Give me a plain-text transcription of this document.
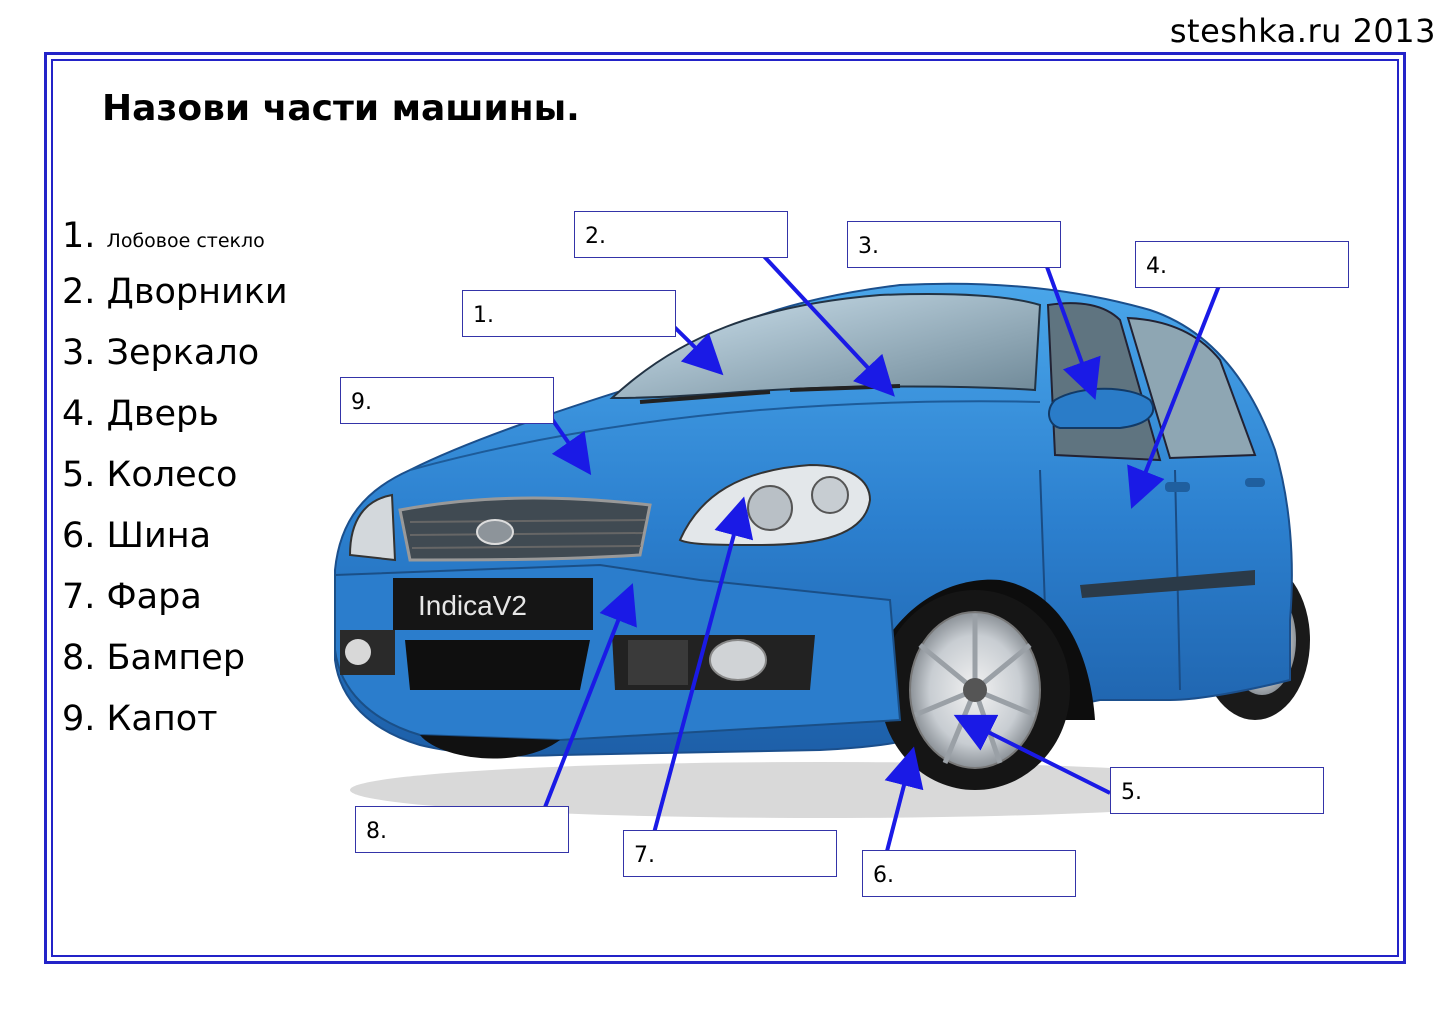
steshka.ru 2013
Назови части машины.
1. Лобовое стекло
2. Дворники
3. Зеркало
4. Дверь
5. Колесо
6. Шина
7. Фара
8. Бампер
9. Капот
IndicaV2
1.
2.	3.
4.
5.
6.
7.
8.
9.
